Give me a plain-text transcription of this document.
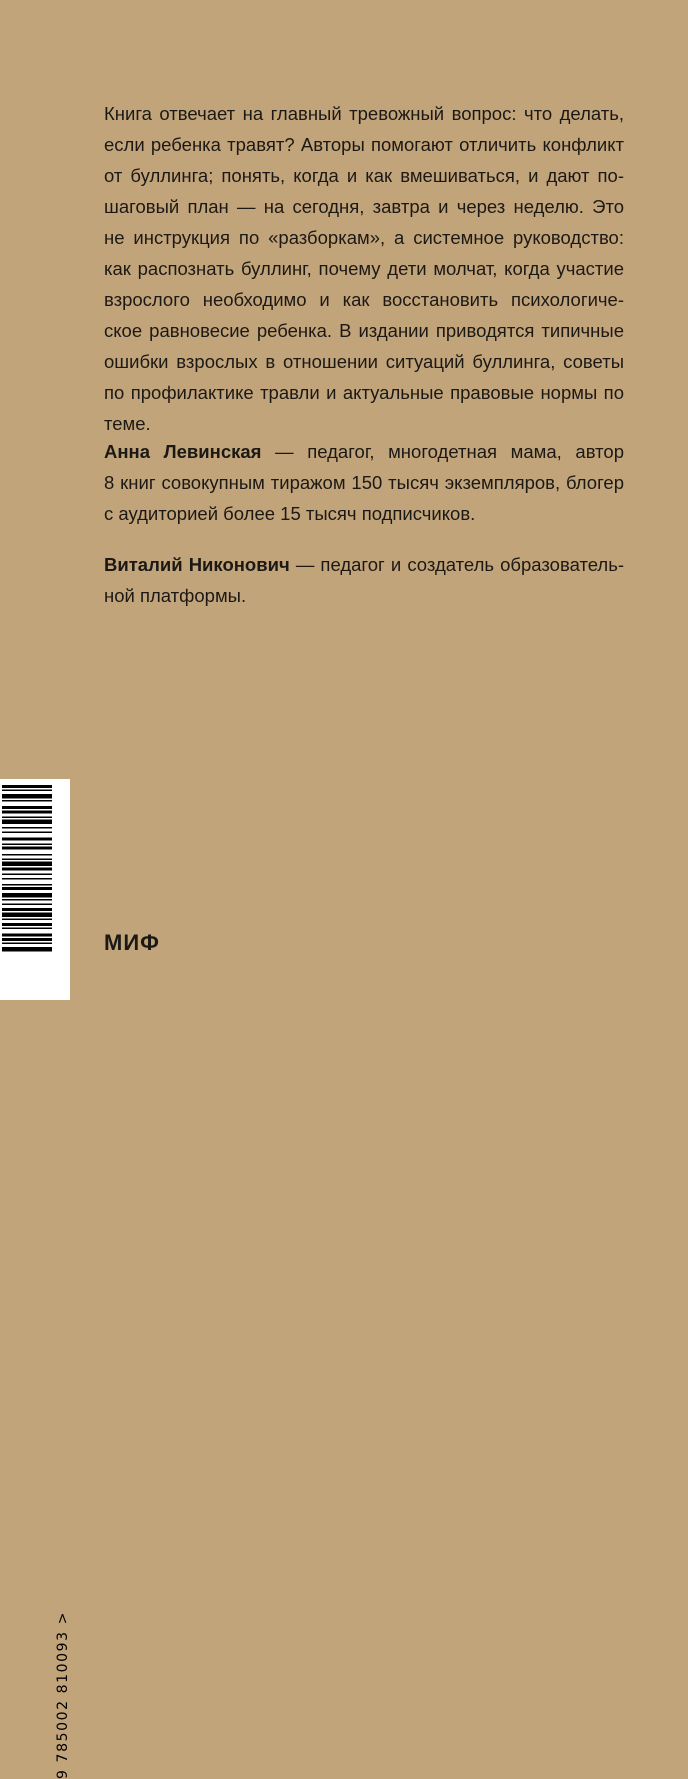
Книга отвечает на главный тревожный вопрос: что делать,
если ребенка травят? Авторы помогают отличить конфликт
от буллинга; понять, когда и как вмешиваться, и дают по-
шаговый план — на сегодня, завтра и через неделю. Это
не инструкция по «разборкам», а системное руководство:
как распознать буллинг, почему дети молчат, когда участие
взрослого необходимо и как восстановить психологиче-
ское равновесие ребенка. В издании приводятся типичные
ошибки взрослых в отношении ситуаций буллинга, советы
по профилактике травли и актуальные правовые нормы по
теме.
Анна Левинская — педагог, многодетная мама, автор
8 книг совокупным тиражом 150 тысяч экземпляров, блогер
с аудиторией более 15 тысяч подписчиков.
Виталий Никонович — педагог и создатель образователь-
ной платформы.
9 785002 810093 >
МИФ
